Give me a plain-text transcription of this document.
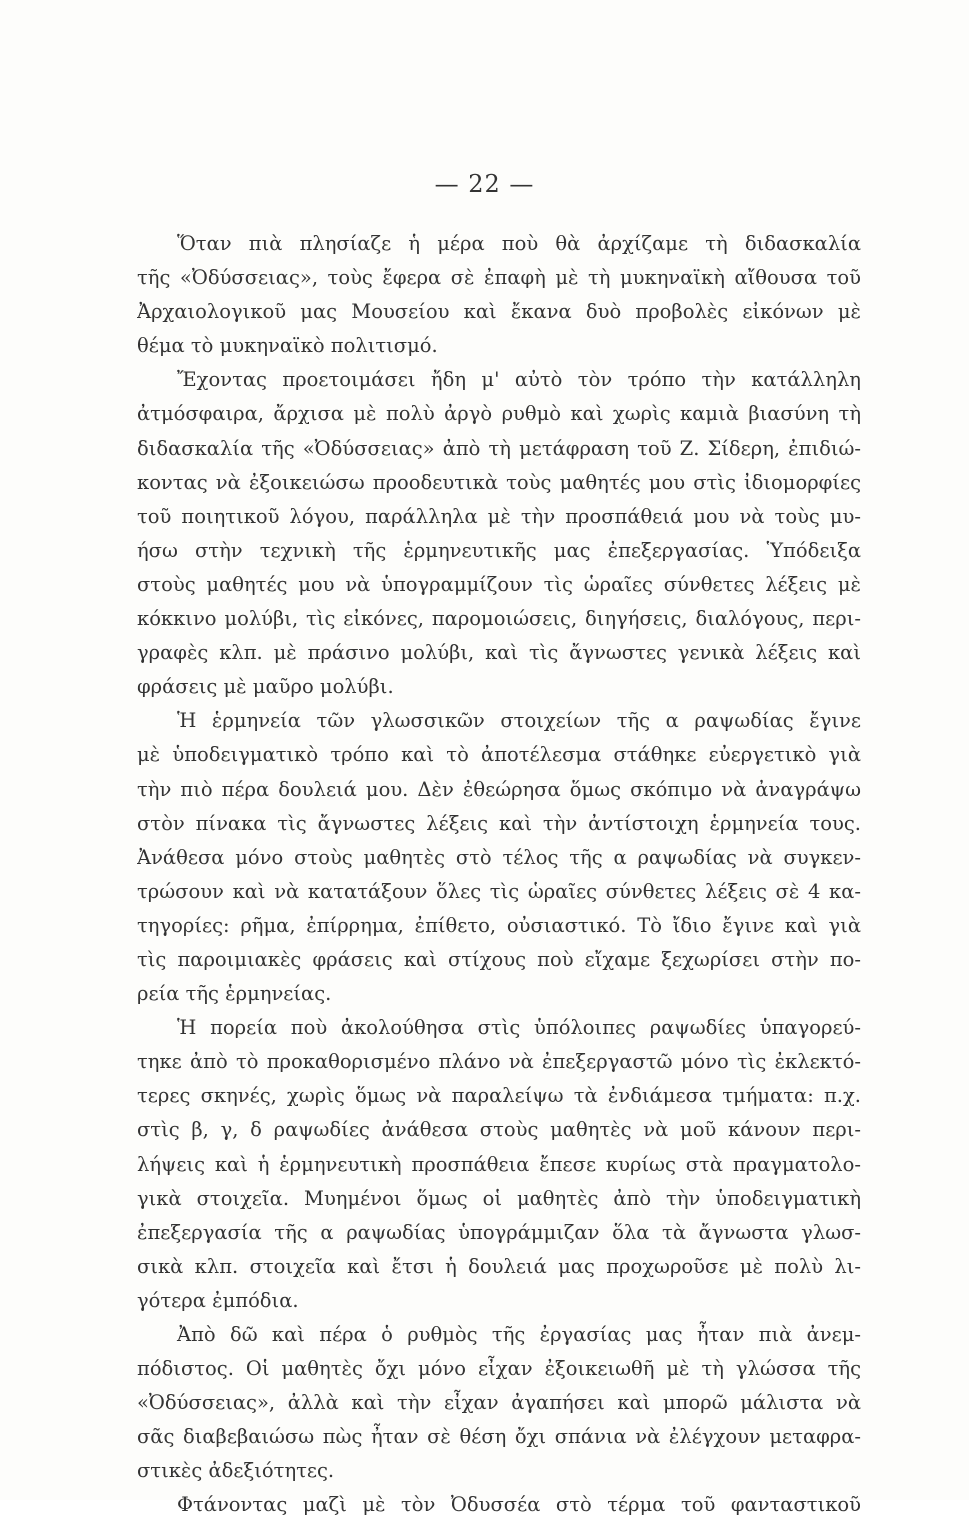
— 22 —
Ὅταν πιὰ πλησίαζε ἡ μέρα ποὺ θὰ ἀρχίζαμε τὴ διδασκαλία
τῆς «Ὀδύσσειας», τοὺς ἔφερα σὲ ἐπαφὴ μὲ τὴ μυκηναϊκὴ αἴθουσα τοῦ
Ἀρχαιολογικοῦ μας Μουσείου καὶ ἔκανα δυὸ προβολὲς εἰκόνων μὲ
θέμα τὸ μυκηναϊκὸ πολιτισμό.
Ἔχοντας προετοιμάσει ἤδη μ' αὐτὸ τὸν τρόπο τὴν κατάλληλη
ἀτμόσφαιρα, ἄρχισα μὲ πολὺ ἀργὸ ρυθμὸ καὶ χωρὶς καμιὰ βιασύνη τὴ
διδασκαλία τῆς «Ὀδύσσειας» ἀπὸ τὴ μετάφραση τοῦ Ζ. Σίδερη, ἐπιδιώ-
κοντας νὰ ἐξοικειώσω προοδευτικὰ τοὺς μαθητές μου στὶς ἰδιομορφίες
τοῦ ποιητικοῦ λόγου, παράλληλα μὲ τὴν προσπάθειά μου νὰ τοὺς μυ-
ήσω στὴν τεχνικὴ τῆς ἑρμηνευτικῆς μας ἐπεξεργασίας. Ὑπόδειξα
στοὺς μαθητές μου νὰ ὑπογραμμίζουν τὶς ὡραῖες σύνθετες λέξεις μὲ
κόκκινο μολύβι, τὶς εἰκόνες, παρομοιώσεις, διηγήσεις, διαλόγους, περι-
γραφὲς κλπ. μὲ πράσινο μολύβι, καὶ τὶς ἄγνωστες γενικὰ λέξεις καὶ
φράσεις μὲ μαῦρο μολύβι.
Ἡ ἑρμηνεία τῶν γλωσσικῶν στοιχείων τῆς α ραψωδίας ἔγινε
μὲ ὑποδειγματικὸ τρόπο καὶ τὸ ἀποτέλεσμα στάθηκε εὐεργετικὸ γιὰ
τὴν πιὸ πέρα δουλειά μου. Δὲν ἐθεώρησα ὅμως σκόπιμο νὰ ἀναγράψω
στὸν πίνακα τὶς ἄγνωστες λέξεις καὶ τὴν ἀντίστοιχη ἑρμηνεία τους.
Ἀνάθεσα μόνο στοὺς μαθητὲς στὸ τέλος τῆς α ραψωδίας νὰ συγκεν-
τρώσουν καὶ νὰ κατατάξουν ὅλες τὶς ὡραῖες σύνθετες λέξεις σὲ 4 κα-
τηγορίες: ρῆμα, ἐπίρρημα, ἐπίθετο, οὐσιαστικό. Τὸ ἴδιο ἔγινε καὶ γιὰ
τὶς παροιμιακὲς φράσεις καὶ στίχους ποὺ εἴχαμε ξεχωρίσει στὴν πο-
ρεία τῆς ἑρμηνείας.
Ἡ πορεία ποὺ ἀκολούθησα στὶς ὑπόλοιπες ραψωδίες ὑπαγορεύ-
τηκε ἀπὸ τὸ προκαθορισμένο πλάνο νὰ ἐπεξεργαστῶ μόνο τὶς ἐκλεκτό-
τερες σκηνές, χωρὶς ὅμως νὰ παραλείψω τὰ ἐνδιάμεσα τμήματα: π.χ.
στὶς β, γ, δ ραψωδίες ἀνάθεσα στοὺς μαθητὲς νὰ μοῦ κάνουν περι-
λήψεις καὶ ἡ ἑρμηνευτικὴ προσπάθεια ἔπεσε κυρίως στὰ πραγματολο-
γικὰ στοιχεῖα. Μυημένοι ὅμως οἱ μαθητὲς ἀπὸ τὴν ὑποδειγματικὴ
ἐπεξεργασία τῆς α ραψωδίας ὑπογράμμιζαν ὅλα τὰ ἄγνωστα γλωσ-
σικὰ κλπ. στοιχεῖα καὶ ἔτσι ἡ δουλειά μας προχωροῦσε μὲ πολὺ λι-
γότερα ἐμπόδια.
Ἀπὸ δῶ καὶ πέρα ὁ ρυθμὸς τῆς ἐργασίας μας ἦταν πιὰ ἀνεμ-
πόδιστος. Οἱ μαθητὲς ὄχι μόνο εἶχαν ἐξοικειωθῆ μὲ τὴ γλώσσα τῆς
«Ὀδύσσειας», ἀλλὰ καὶ τὴν εἶχαν ἀγαπήσει καὶ μπορῶ μάλιστα νὰ
σᾶς διαβεβαιώσω πὼς ἦταν σὲ θέση ὄχι σπάνια νὰ ἐλέγχουν μεταφρα-
στικὲς ἀδεξιότητες.
Φτάνοντας μαζὶ μὲ τὸν Ὀδυσσέα στὸ τέρμα τοῦ φανταστικοῦ
